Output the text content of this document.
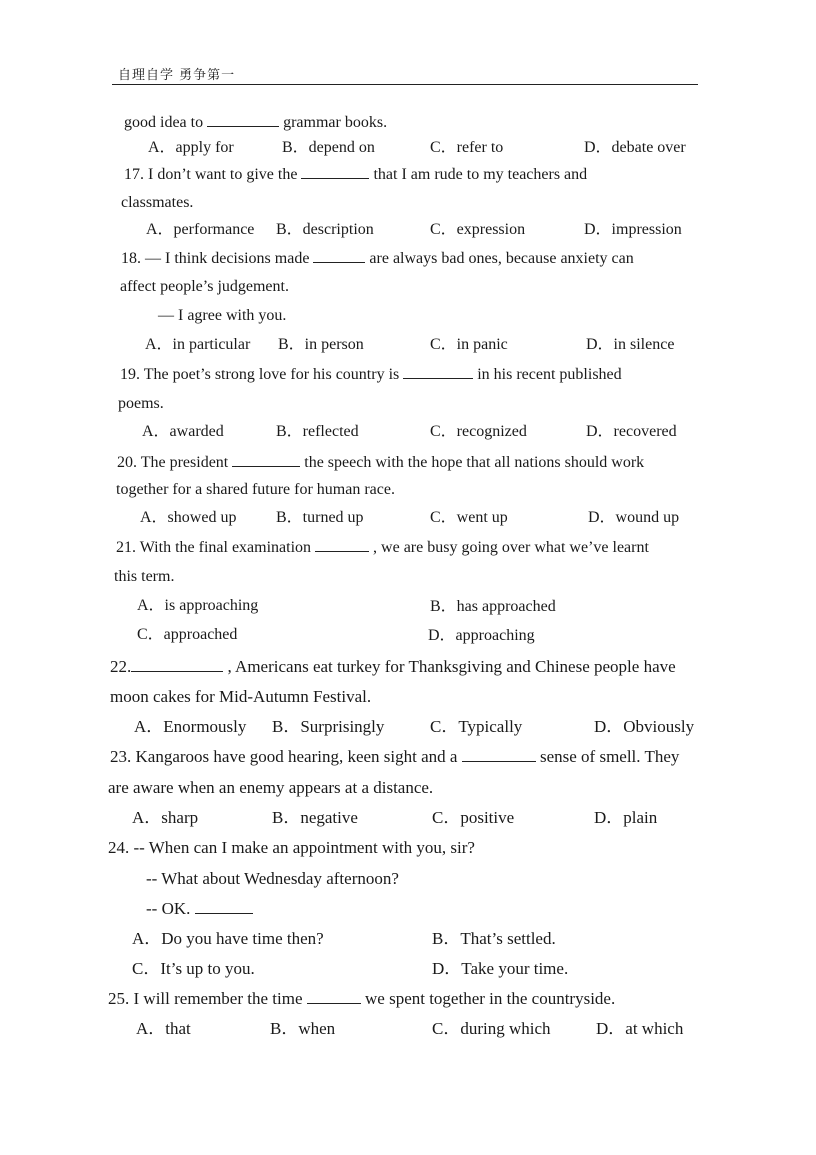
自理自学 勇争第一
good idea to	grammar books.
A．apply for	B．depend on	C．refer to	D．debate over
17. I don’t want to give the	that I am rude to my teachers and
classmates.
A．performance B．description	C．expression	D．impression
18. — I think decisions made	are always bad ones, because anxiety can
affect people’s judgement.
— I agree with you.
A．in particular B．in person	C．in panic	D．in silence
19. The poet’s strong love for his country is	in his recent published
poems.
A．awarded	B．reflected	C．recognized	D．recovered
20. The president	the speech with the hope that all nations should work
together for a shared future for human race.
A．showed up B．turned up	C．went up	D．wound up
21. With the final examination	, we are busy going over what we’ve learnt
this term.
A．is approaching	B．has approached
C．approached	D．approaching
22.	, Americans eat turkey for Thanksgiving and Chinese people have
moon cakes for Mid-Autumn Festival.
A．Enormously B．Surprisingly	C．Typically	D．Obviously
23. Kangaroos have good hearing, keen sight and a	sense of smell. They
are aware when an enemy appears at a distance.
A．sharp	B．negative	C．positive	D．plain
24. -- When can I make an appointment with you, sir?
-- What about Wednesday afternoon?
-- OK.
A．Do you have time then?	B．That’s settled.
C．It’s up to you.	D．Take your time.
25. I will remember the time	we spent together in the countryside.
A．that	B．when	C．during which	D．at which
